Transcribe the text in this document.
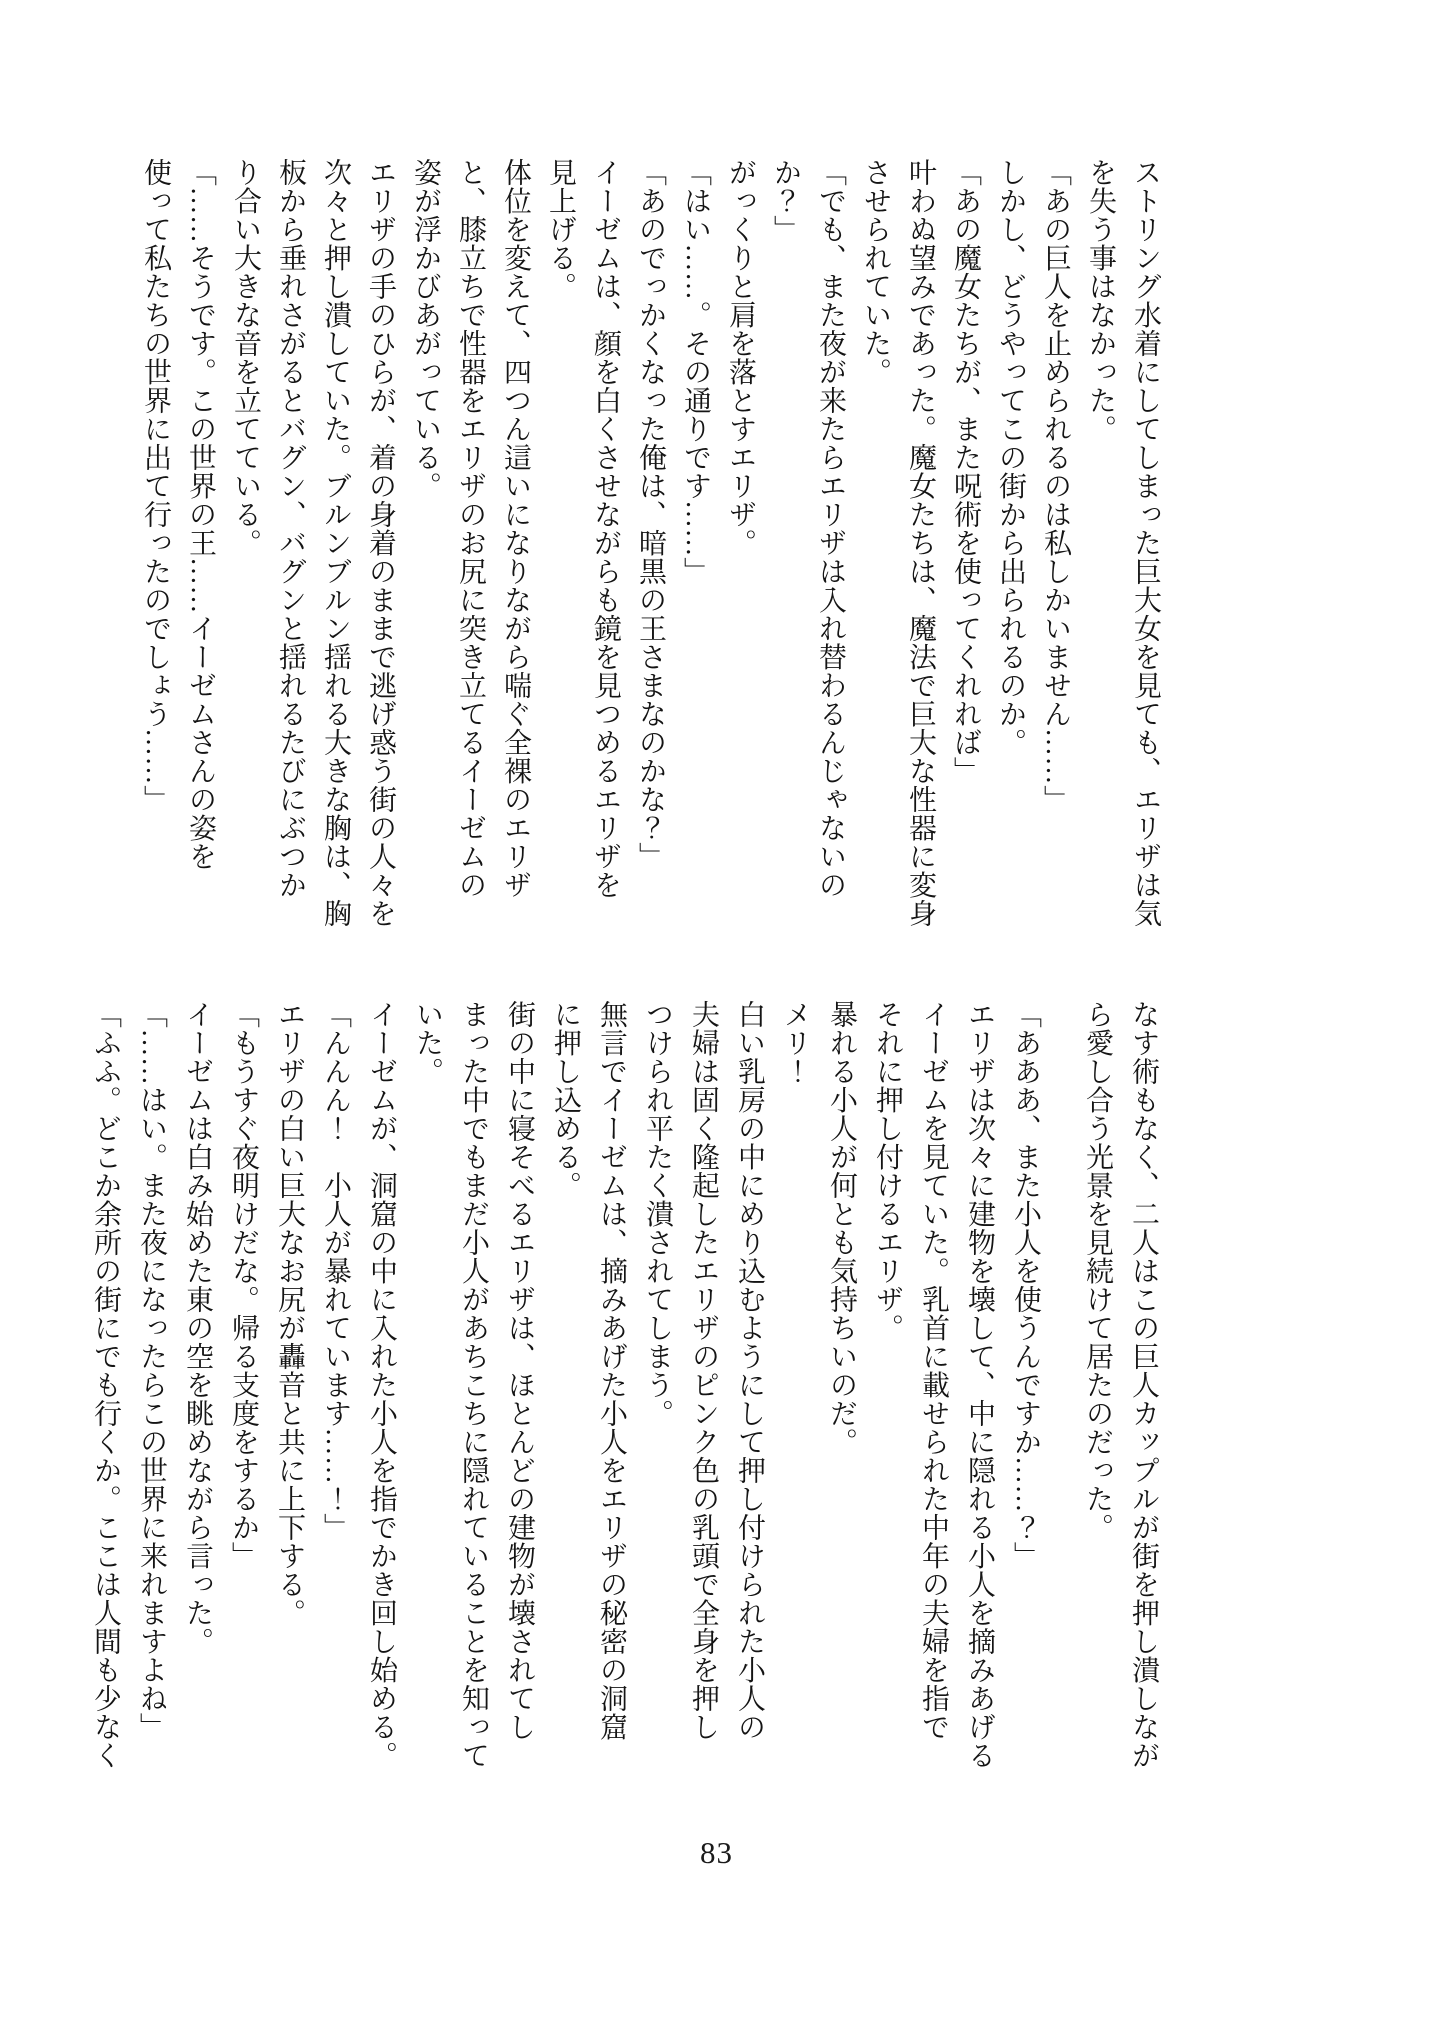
ストリング水着にしてしまった巨大女を見ても、エリザは気
を失う事はなかった。
「あの巨人を止められるのは私しかいません……」
しかし、どうやってこの街から出られるのか。
「あの魔女たちが、また呪術を使ってくれれば」
叶わぬ望みであった。魔女たちは、魔法で巨大な性器に変身
させられていた。
「でも、また夜が来たらエリザは入れ替わるんじゃないの
か？」
がっくりと肩を落とすエリザ。
「はい……。その通りです……」
「あのでっかくなった俺は、暗黒の王さまなのかな？」
イーゼムは、顔を白くさせながらも鏡を見つめるエリザを
見上げる。
体位を変えて、四つん這いになりながら喘ぐ全裸のエリザ
と、膝立ちで性器をエリザのお尻に突き立てるイーゼムの
姿が浮かびあがっている。
エリザの手のひらが、着の身着のままで逃げ惑う街の人々を
次々と押し潰していた。ブルンブルン揺れる大きな胸は、胸
板から垂れさがるとバグン、バグンと揺れるたびにぶつか
り合い大きな音を立てている。
「……そうです。この世界の王……イーゼムさんの姿を
使って私たちの世界に出て行ったのでしょう……」
なす術もなく、二人はこの巨人カップルが街を押し潰しなが
ら愛し合う光景を見続けて居たのだった。
「あああ、また小人を使うんですか……？」
エリザは次々に建物を壊して、中に隠れる小人を摘みあげる
イーゼムを見ていた。乳首に載せられた中年の夫婦を指で
それに押し付けるエリザ。
暴れる小人が何とも気持ちいのだ。
メリ！
白い乳房の中にめり込むようにして押し付けられた小人の
夫婦は固く隆起したエリザのピンク色の乳頭で全身を押し
つけられ平たく潰されてしまう。
無言でイーゼムは、摘みあげた小人をエリザの秘密の洞窟
に押し込める。
街の中に寝そべるエリザは、ほとんどの建物が壊されてし
まった中でもまだ小人があちこちに隠れていることを知って
いた。
イーゼムが、洞窟の中に入れた小人を指でかき回し始める。
「んんん！　小人が暴れています……！」
エリザの白い巨大なお尻が轟音と共に上下する。
「もうすぐ夜明けだな。帰る支度をするか」
イーゼムは白み始めた東の空を眺めながら言った。
「……はい。また夜になったらこの世界に来れますよね」
「ふふ。どこか余所の街にでも行くか。ここは人間も少なく
83
